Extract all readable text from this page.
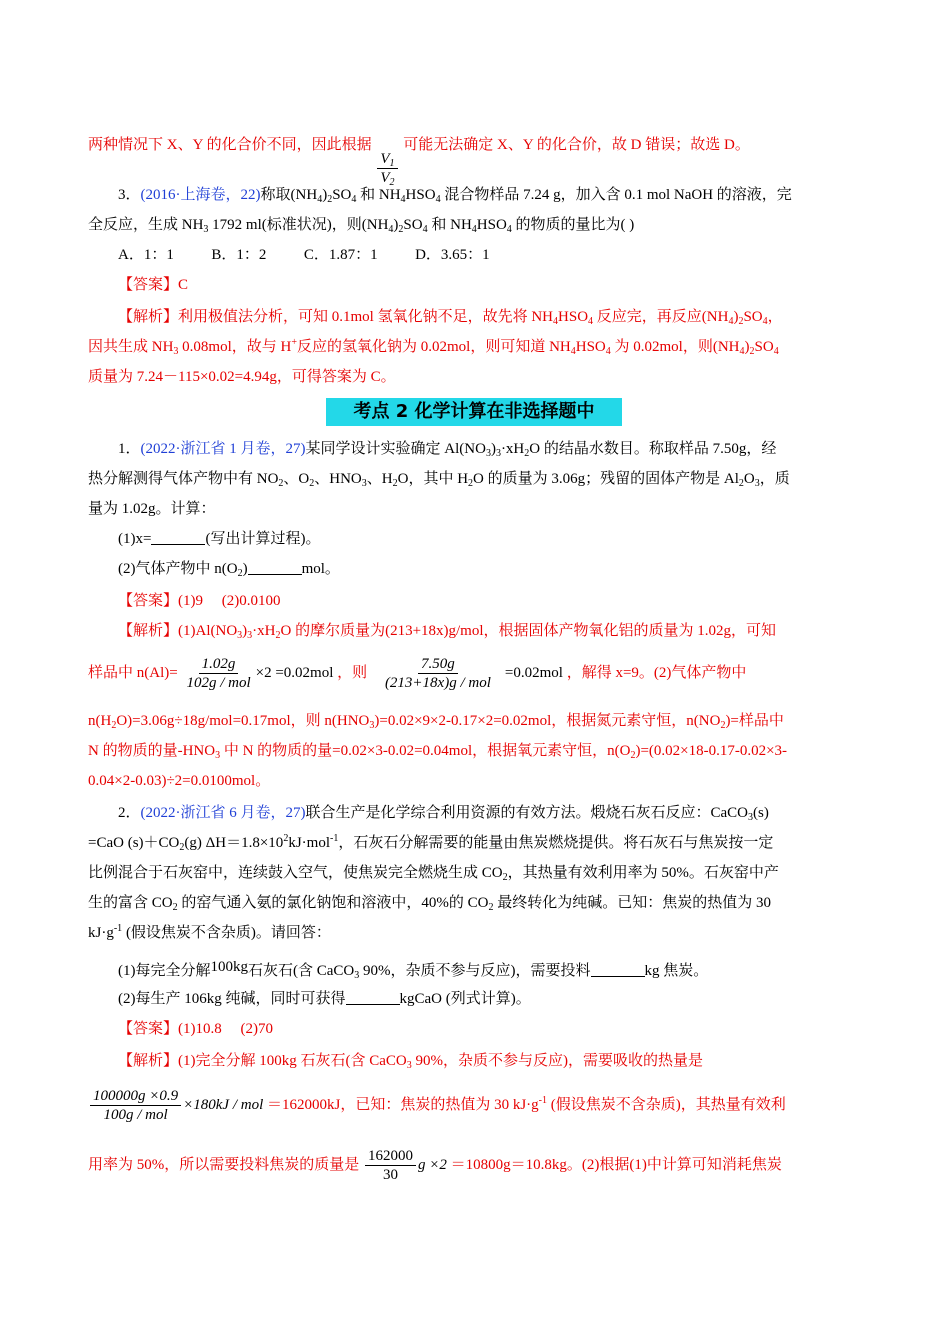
两种情况下 X、Y 的化合价不同，因此根据
$\frac{V_1}{V_2}$
可能无法确定 X、Y 的化合价，故 D 错误；故选 D。
3．(2016·上海卷，22)称取$(NH_4)_2SO_4$ 和 $NH_4HSO_4$ 混合物样品 7.24 g，加入含 0.1 mol NaOH 的溶液，完
全反应，生成 $NH_3$ 1792 ml(标准状况)，则$(NH_4)_2SO_4$ 和 $NH_4HSO_4$ 的物质的量比为( )
A．1：1          B．1：2          C．1.87：1          D．3.65：1
【答案】C
【解析】利用极值法分析，可知 0.1mol 氢氧化钠不足，故先将 $NH_4HSO_4$ 反应完，再反应$(NH_4)_2SO_4$，
因共生成 $NH_3$ 0.08mol，故与 H+反应的氢氧化钠为 0.02mol，则可知道 $NH_4HSO_4$ 为 0.02mol，则$(NH_4)_2SO_4$
质量为 7.24－115×0.02=4.94g，可得答案为 C。
考点 2 化学计算在非选择题中
1．(2022·浙江省 1 月卷，27)某同学设计实验确定 $Al(NO_3)_3\cdot xH_2O$ 的结晶水数目。称取样品 7.50g，经
热分解测得气体产物中有 $NO_2$、$O_2$、$HNO_3$、$H_2O$，其中 $H_2O$ 的质量为 3.06g；残留的固体产物是 $Al_2O_3$，质
量为 1.02g。计算：
(1)x=	(写出计算过程)。
(2)气体产物中 $n(O_2)$	mol。
【答案】(1)9     (2)0.0100
【解析】$(1)Al(NO_3)_3\cdot xH_2O$ 的摩尔质量为(213+18x)g/mol，根据固体产物氧化铝的质量为 1.02g，可知
样品中 $n(Al)= \frac{1.02g}{\text{102g / mol}} \times 2 =0.02mol$ ，则 $\frac{7.50g}{\text{(213+18x)g / mol}} =0.02mol$ ，解得 x=9。(2)气体产物中
$n(H_2O)=3.06g\div 18g/mol=0.17mol$，则 $n(HNO_3)=0.02\times 9\times 2-0.17\times 2=0.02mol$，根据氮元素守恒，$n(NO_2)=$样品中
N 的物质的量$-HNO_3$ 中 N 的物质的量=0.02×3-0.02=0.04mol，根据氧元素守恒，$n(O_2)=(0.02\times 18-0.17-0.02\times 3-$
0.04×2-0.03)÷2=0.0100mol。
2．(2022·浙江省 6 月卷，27)联合生产是化学综合利用资源的有效方法。煅烧石灰石反应：CaCO$_3$(s)
=CaO $(s)+CO_2(g)$ $\Delta H=1.8\times 10^2kJ\cdot mol^{-1}$，石灰石分解需要的能量由焦炭燃烧提供。将石灰石与焦炭按一定
比例混合于石灰窑中，连续鼓入空气，使焦炭完全燃烧生成 $CO_2$，其热量有效利用率为 50%。石灰窑中产
生的富含 $CO_2$ 的窑气通入氨的氯化钠饱和溶液中，40%的 $CO_2$ 最终转化为纯碱。已知：焦炭的热值为 30
$kJ\cdot g^{-1}$ (假设焦炭不含杂质)。请回答：
(1)每完全分解100kg石灰石(含 CaCO$_3$ 90%，杂质不参与反应)，需要投料	kg 焦炭。
(2)每生产 106kg 纯碱，同时可获得	kgCaO (列式计算)。
【答案】(1)10.8     (2)70
【解析】(1)完全分解 100kg 石灰石(含 CaCO$_3$ 90%，杂质不参与反应)，需要吸收的热量是
$\frac{100000g \times 0.9}{\text{100g / mol}} \times 180kJ$ / mol ＝162000kJ，已知：焦炭的热值为 30 $kJ\cdot g^{-1}$ (假设焦炭不含杂质)，其热量有效利
用率为 50%，所以需要投料焦炭的质量是 $\frac{162000}{30}$ g ×2 ＝10800g＝10.8kg。(2)根据(1)中计算可知消耗焦炭
